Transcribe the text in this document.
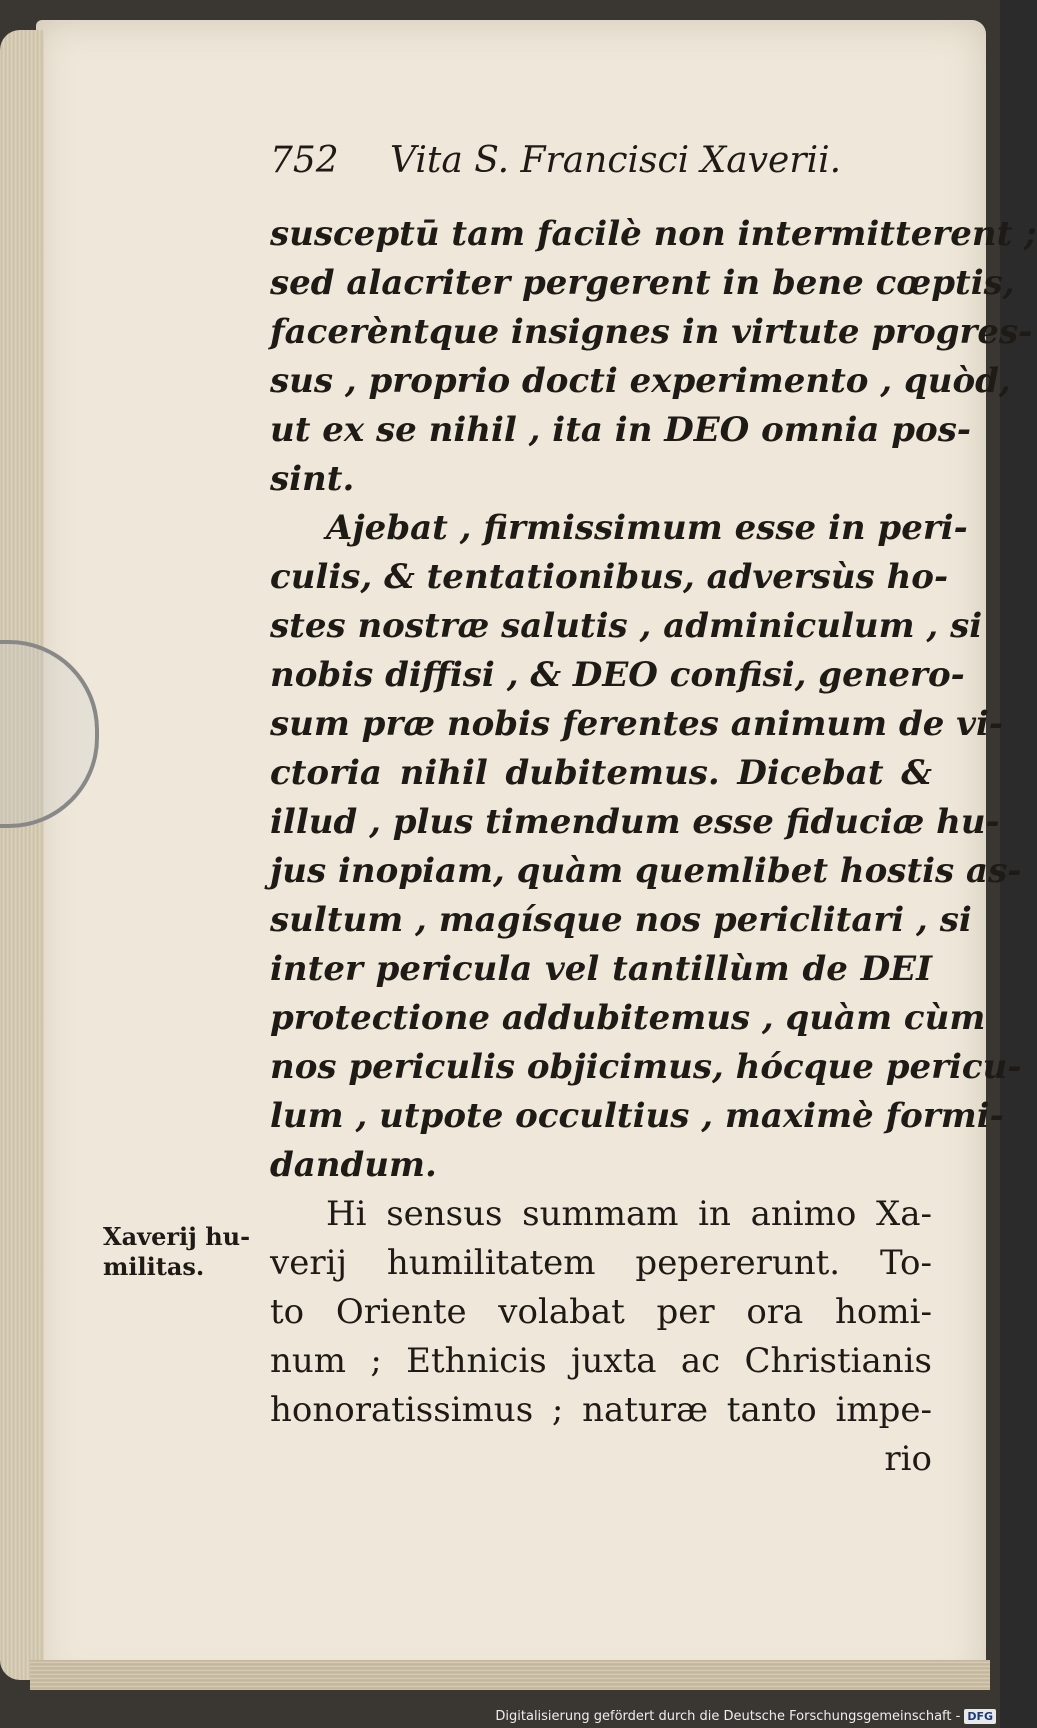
752 Vita S. Francisci Xaverii.
susceptū tam facilè non intermitterent ;
sed alacriter pergerent in bene cœptis,
facerèntque insignes in virtute progres-
sus , proprio docti experimento , quòd,
ut ex se nihil , ita in DEO omnia pos-
sint.
Ajebat , firmissimum esse in peri-
culis, & tentationibus, adversùs ho-
stes nostræ salutis , adminiculum , si
nobis diffisi , & DEO confisi, genero-
sum præ nobis ferentes animum de vi-
ctoria nihil dubitemus. Dicebat &
illud , plus timendum esse fiduciæ hu-
jus inopiam, quàm quemlibet hostis as-
sultum , magísque nos periclitari , si
inter pericula vel tantillùm de DEI
protectione addubitemus , quàm cùm
nos periculis objicimus, hócque pericu-
lum , utpote occultius , maximè formi-
dandum.
Hi sensus summam in animo Xa-
verij humilitatem pepererunt. To-
to Oriente volabat per ora homi-
num ; Ethnicis juxta ac Christianis
honoratissimus ; naturæ tanto impe-
rio
Xaverij hu-
militas.
Digitalisierung gefördert durch die Deutsche Forschungsgemeinschaft - DFG
